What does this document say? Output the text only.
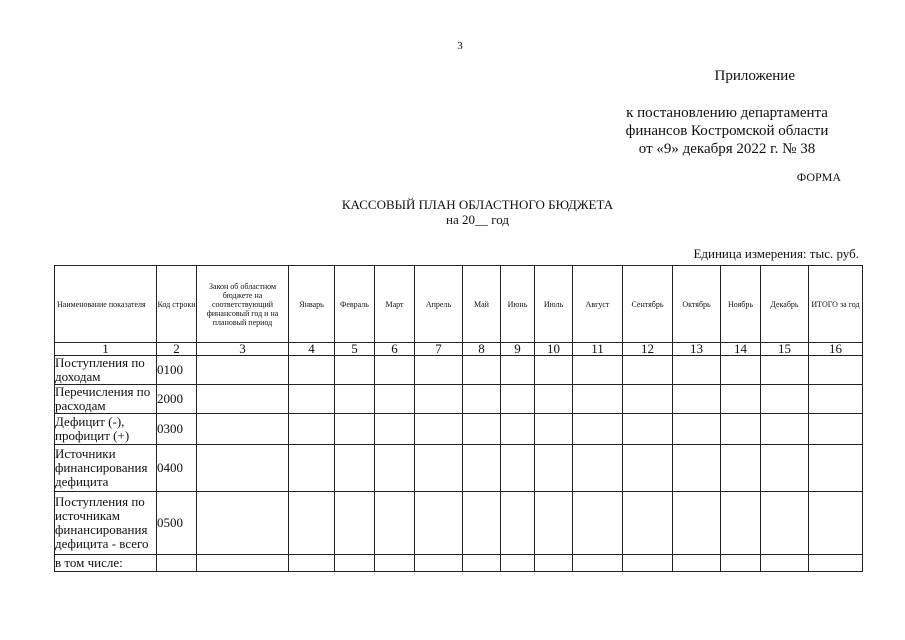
3
Приложение
к постановлению департамента
финансов Костромской области
от «9» декабря 2022 г. № 38
ФОРМА
КАССОВЫЙ ПЛАН ОБЛАСТНОГО БЮДЖЕТА
на 20__ год
Единица измерения: тыс. руб.
Наименование показателя	Код строки	Закон об областном бюджете на соответствующий финансовый год и на плановый период	Январь	Февраль	Март	Апрель	Май	Июнь	Июль	Август	Сентябрь	Октябрь	Ноябрь	Декабрь	ИТОГО за год
1	2	3	4	5	6	7	8	9	10	11	12	13	14	15	16
Поступления по доходам	0100														
Перечисления по расходам	2000														
Дефицит (-), профицит (+)	0300														
Источники финансирования дефицита	0400														
Поступления по источникам финансирования дефицита - всего	0500														
в том числе:															
